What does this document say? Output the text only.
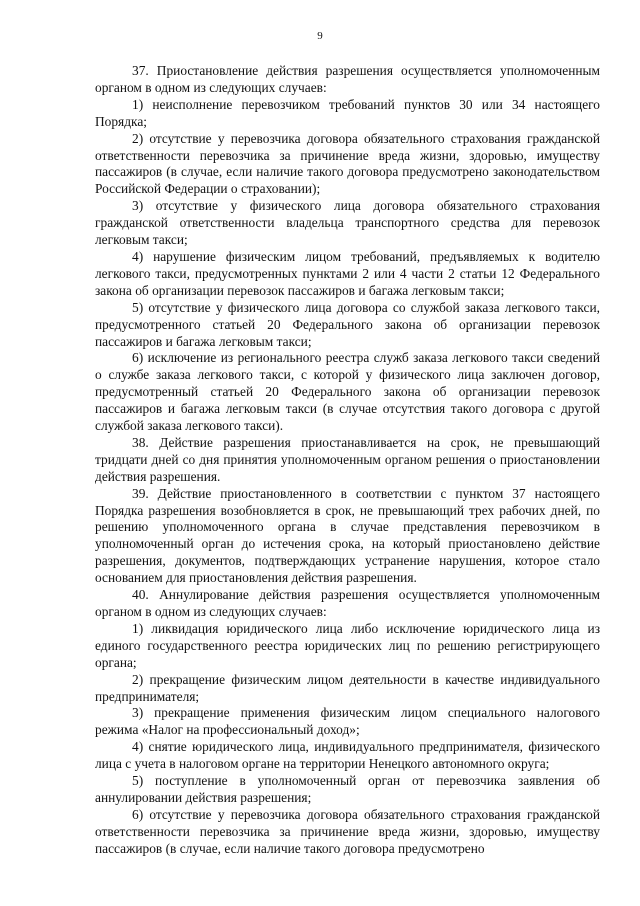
9

37. Приостановление действия разрешения осуществляется уполномоченным органом в одном из следующих случаев:

1) неисполнение перевозчиком требований пунктов 30 или 34 настоящего Порядка;

2) отсутствие у перевозчика договора обязательного страхования гражданской ответственности перевозчика за причинение вреда жизни, здоровью, имуществу пассажиров (в случае, если наличие такого договора предусмотрено законодательством Российской Федерации о страховании);

3) отсутствие у физического лица договора обязательного страхования гражданской ответственности владельца транспортного средства для перевозок легковым такси;

4) нарушение физическим лицом требований, предъявляемых к водителю легкового такси, предусмотренных пунктами 2 или 4 части 2 статьи 12 Федерального закона об организации перевозок пассажиров и багажа легковым такси;

5) отсутствие у физического лица договора со службой заказа легкового такси, предусмотренного статьей 20 Федерального закона об организации перевозок пассажиров и багажа легковым такси;

6) исключение из регионального реестра служб заказа легкового такси сведений о службе заказа легкового такси, с которой у физического лица заключен договор, предусмотренный статьей 20 Федерального закона об организации перевозок пассажиров и багажа легковым такси (в случае отсутствия такого договора с другой службой заказа легкового такси).

38. Действие разрешения приостанавливается на срок, не превышающий тридцати дней со дня принятия уполномоченным органом решения о приостановлении действия разрешения.

39. Действие приостановленного в соответствии с пунктом 37 настоящего Порядка разрешения возобновляется в срок, не превышающий трех рабочих дней, по решению уполномоченного органа в случае представления перевозчиком в уполномоченный орган до истечения срока, на который приостановлено действие разрешения, документов, подтверждающих устранение нарушения, которое стало основанием для приостановления действия разрешения.

40. Аннулирование действия разрешения осуществляется уполномоченным органом в одном из следующих случаев:

1) ликвидация юридического лица либо исключение юридического лица из единого государственного реестра юридических лиц по решению регистрирующего органа;

2) прекращение физическим лицом деятельности в качестве индивидуального предпринимателя;

3) прекращение применения физическим лицом специального налогового режима «Налог на профессиональный доход»;

4) снятие юридического лица, индивидуального предпринимателя, физического лица с учета в налоговом органе на территории Ненецкого автономного округа;

5) поступление в уполномоченный орган от перевозчика заявления об аннулировании действия разрешения;

6) отсутствие у перевозчика договора обязательного страхования гражданской ответственности перевозчика за причинение вреда жизни, здоровью, имуществу пассажиров (в случае, если наличие такого договора предусмотрено
